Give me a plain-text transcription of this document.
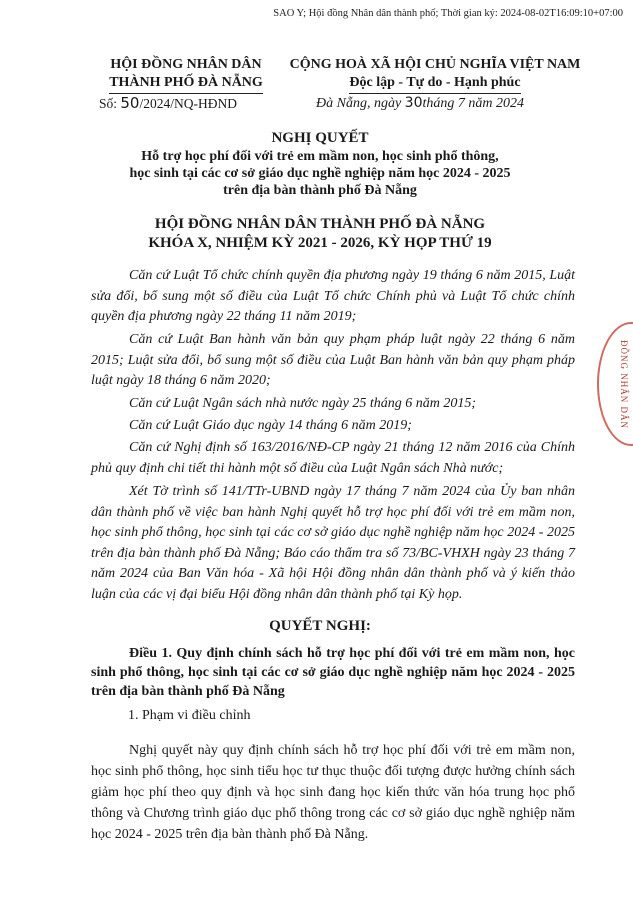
SAO Y; Hội đồng Nhân dân thành phố; Thời gian ký: 2024-08-02T16:09:10+07:00
HỘI ĐỒNG NHÂN DÂN
THÀNH PHỐ ĐÀ NẴNG
Số: 50/2024/NQ-HĐND
CỘNG HOÀ XÃ HỘI CHỦ NGHĨA VIỆT NAM
Độc lập - Tự do - Hạnh phúc
Đà Nẵng, ngày 30tháng 7 năm 2024
NGHỊ QUYẾT
Hỗ trợ học phí đối với trẻ em mầm non, học sinh phổ thông,
học sinh tại các cơ sở giáo dục nghề nghiệp năm học 2024 - 2025
trên địa bàn thành phố Đà Nẵng
HỘI ĐỒNG NHÂN DÂN THÀNH PHỐ ĐÀ NẴNG
KHÓA X, NHIỆM KỲ 2021 - 2026, KỲ HỌP THỨ 19
Căn cứ Luật Tổ chức chính quyền địa phương ngày 19 tháng 6 năm 2015, Luật sửa đổi, bổ sung một số điều của Luật Tổ chức Chính phủ và Luật Tổ chức chính quyền địa phương ngày 22 tháng 11 năm 2019;
Căn cứ Luật Ban hành văn bản quy phạm pháp luật ngày 22 tháng 6 năm 2015; Luật sửa đổi, bổ sung một số điều của Luật Ban hành văn bản quy phạm pháp luật ngày 18 tháng 6 năm 2020;
Căn cứ Luật Ngân sách nhà nước ngày 25 tháng 6 năm 2015;
Căn cứ Luật Giáo dục ngày 14 tháng 6 năm 2019;
Căn cứ Nghị định số 163/2016/NĐ-CP ngày 21 tháng 12 năm 2016 của Chính phủ quy định chi tiết thi hành một số điều của Luật Ngân sách Nhà nước;
Xét Tờ trình số 141/TTr-UBND ngày 17 tháng 7 năm 2024 của Ủy ban nhân dân thành phố về việc ban hành Nghị quyết hỗ trợ học phí đối với trẻ em mầm non, học sinh phổ thông, học sinh tại các cơ sở giáo dục nghề nghiệp năm học 2024 - 2025 trên địa bàn thành phố Đà Nẵng; Báo cáo thẩm tra số 73/BC-VHXH ngày 23 tháng 7 năm 2024 của Ban Văn hóa - Xã hội Hội đồng nhân dân thành phố và ý kiến thảo luận của các vị đại biểu Hội đồng nhân dân thành phố tại Kỳ họp.
QUYẾT NGHỊ:
Điều 1. Quy định chính sách hỗ trợ học phí đối với trẻ em mầm non, học sinh phổ thông, học sinh tại các cơ sở giáo dục nghề nghiệp năm học 2024 - 2025 trên địa bàn thành phố Đà Nẵng
1. Phạm vi điều chỉnh
Nghị quyết này quy định chính sách hỗ trợ học phí đối với trẻ em mầm non, học sinh phổ thông, học sinh tiểu học tư thục thuộc đối tượng được hưởng chính sách giảm học phí theo quy định và học sinh đang học kiến thức văn hóa trung học phổ thông và Chương trình giáo dục phổ thông trong các cơ sở giáo dục nghề nghiệp năm học 2024 - 2025 trên địa bàn thành phố Đà Nẵng.
ĐỒNG NHÂN DÂN
